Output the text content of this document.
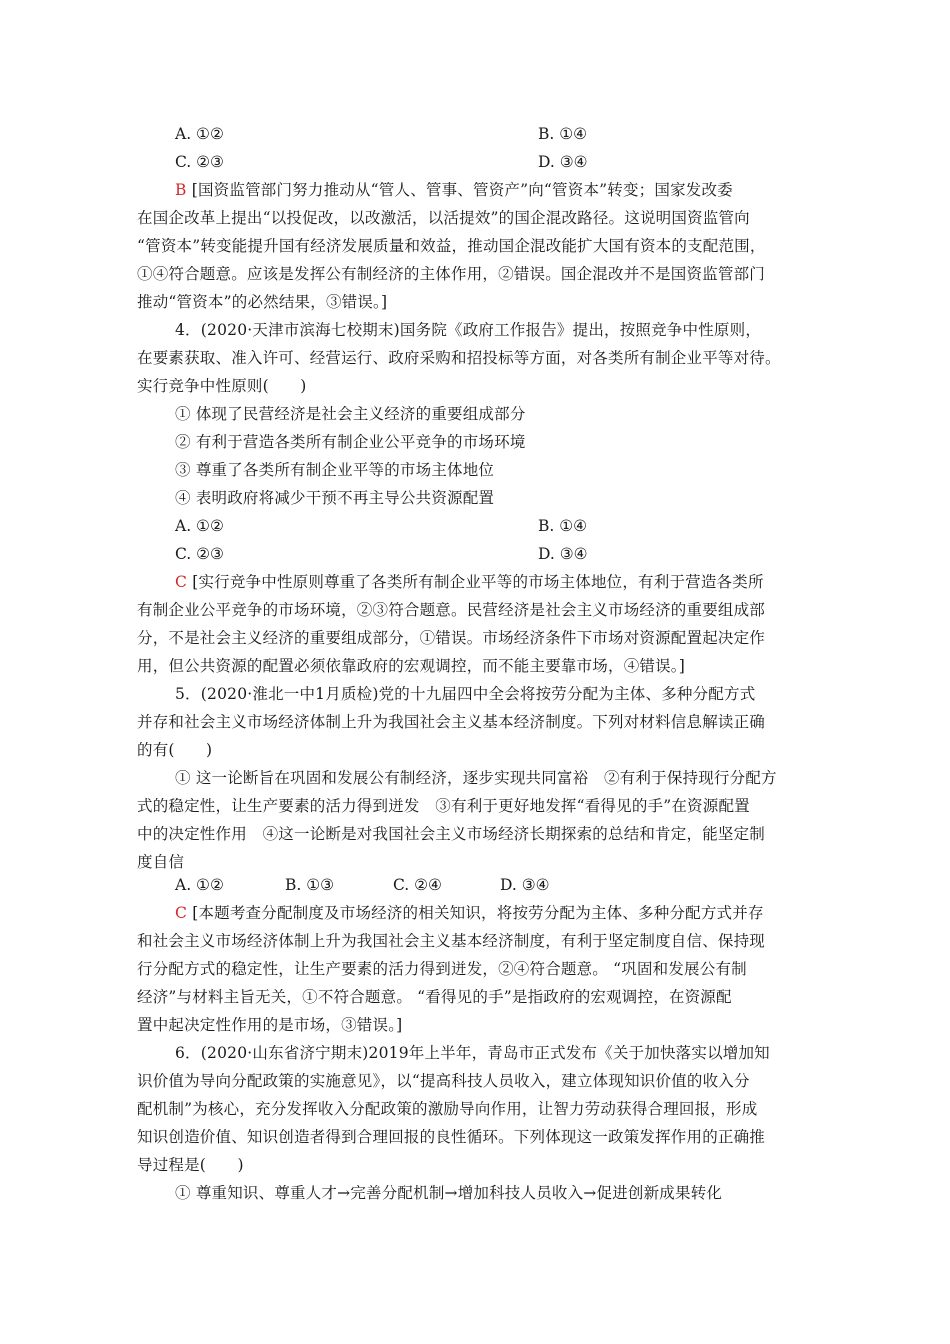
A. ①②	B. ①④
C. ②③	D. ③④
B [国资监管部门努力推动从“管人、管事、管资产”向“管资本”转变；国家发改委
在国企改革上提出“以投促改，以改激活，以活提效”的国企混改路径。这说明国资监管向
“管资本”转变能提升国有经济发展质量和效益，推动国企混改能扩大国有资本的支配范围，
①④符合题意。应该是发挥公有制经济的主体作用，②错误。国企混改并不是国资监管部门
推动“管资本”的必然结果，③错误。]
4．(2020·天津市滨海七校期末)国务院《政府工作报告》提出，按照竞争中性原则，
在要素获取、准入许可、经营运行、政府采购和招投标等方面，对各类所有制企业平等对待。
实行竞争中性原则(　　)
① 体现了民营经济是社会主义经济的重要组成部分
② 有利于营造各类所有制企业公平竞争的市场环境
③ 尊重了各类所有制企业平等的市场主体地位
④ 表明政府将减少干预不再主导公共资源配置
A. ①②	B. ①④
C. ②③	D. ③④
C [实行竞争中性原则尊重了各类所有制企业平等的市场主体地位，有利于营造各类所
有制企业公平竞争的市场环境，②③符合题意。民营经济是社会主义市场经济的重要组成部
分，不是社会主义经济的重要组成部分，①错误。市场经济条件下市场对资源配置起决定作
用，但公共资源的配置必须依靠政府的宏观调控，而不能主要靠市场，④错误。]
5．(2020·淮北一中1月质检)党的十九届四中全会将按劳分配为主体、多种分配方式
并存和社会主义市场经济体制上升为我国社会主义基本经济制度。下列对材料信息解读正确
的有(　　)
① 这一论断旨在巩固和发展公有制经济，逐步实现共同富裕　②有利于保持现行分配方
式的稳定性，让生产要素的活力得到迸发　③有利于更好地发挥“看得见的手”在资源配置
中的决定性作用　④这一论断是对我国社会主义市场经济长期探索的总结和肯定，能坚定制
度自信
A. ①②	B. ①③	C. ②④	D. ③④
C [本题考查分配制度及市场经济的相关知识，将按劳分配为主体、多种分配方式并存
和社会主义市场经济体制上升为我国社会主义基本经济制度，有利于坚定制度自信、保持现
行分配方式的稳定性，让生产要素的活力得到迸发，②④符合题意。 “巩固和发展公有制
经济”与材料主旨无关，①不符合题意。 “看得见的手”是指政府的宏观调控，在资源配
置中起决定性作用的是市场，③错误。]
6．(2020·山东省济宁期末)2019年上半年，青岛市正式发布《关于加快落实以增加知
识价值为导向分配政策的实施意见》，以“提高科技人员收入，建立体现知识价值的收入分
配机制”为核心，充分发挥收入分配政策的激励导向作用，让智力劳动获得合理回报，形成
知识创造价值、知识创造者得到合理回报的良性循环。下列体现这一政策发挥作用的正确推
导过程是(　　)
① 尊重知识、尊重人才→完善分配机制→增加科技人员收入→促进创新成果转化
